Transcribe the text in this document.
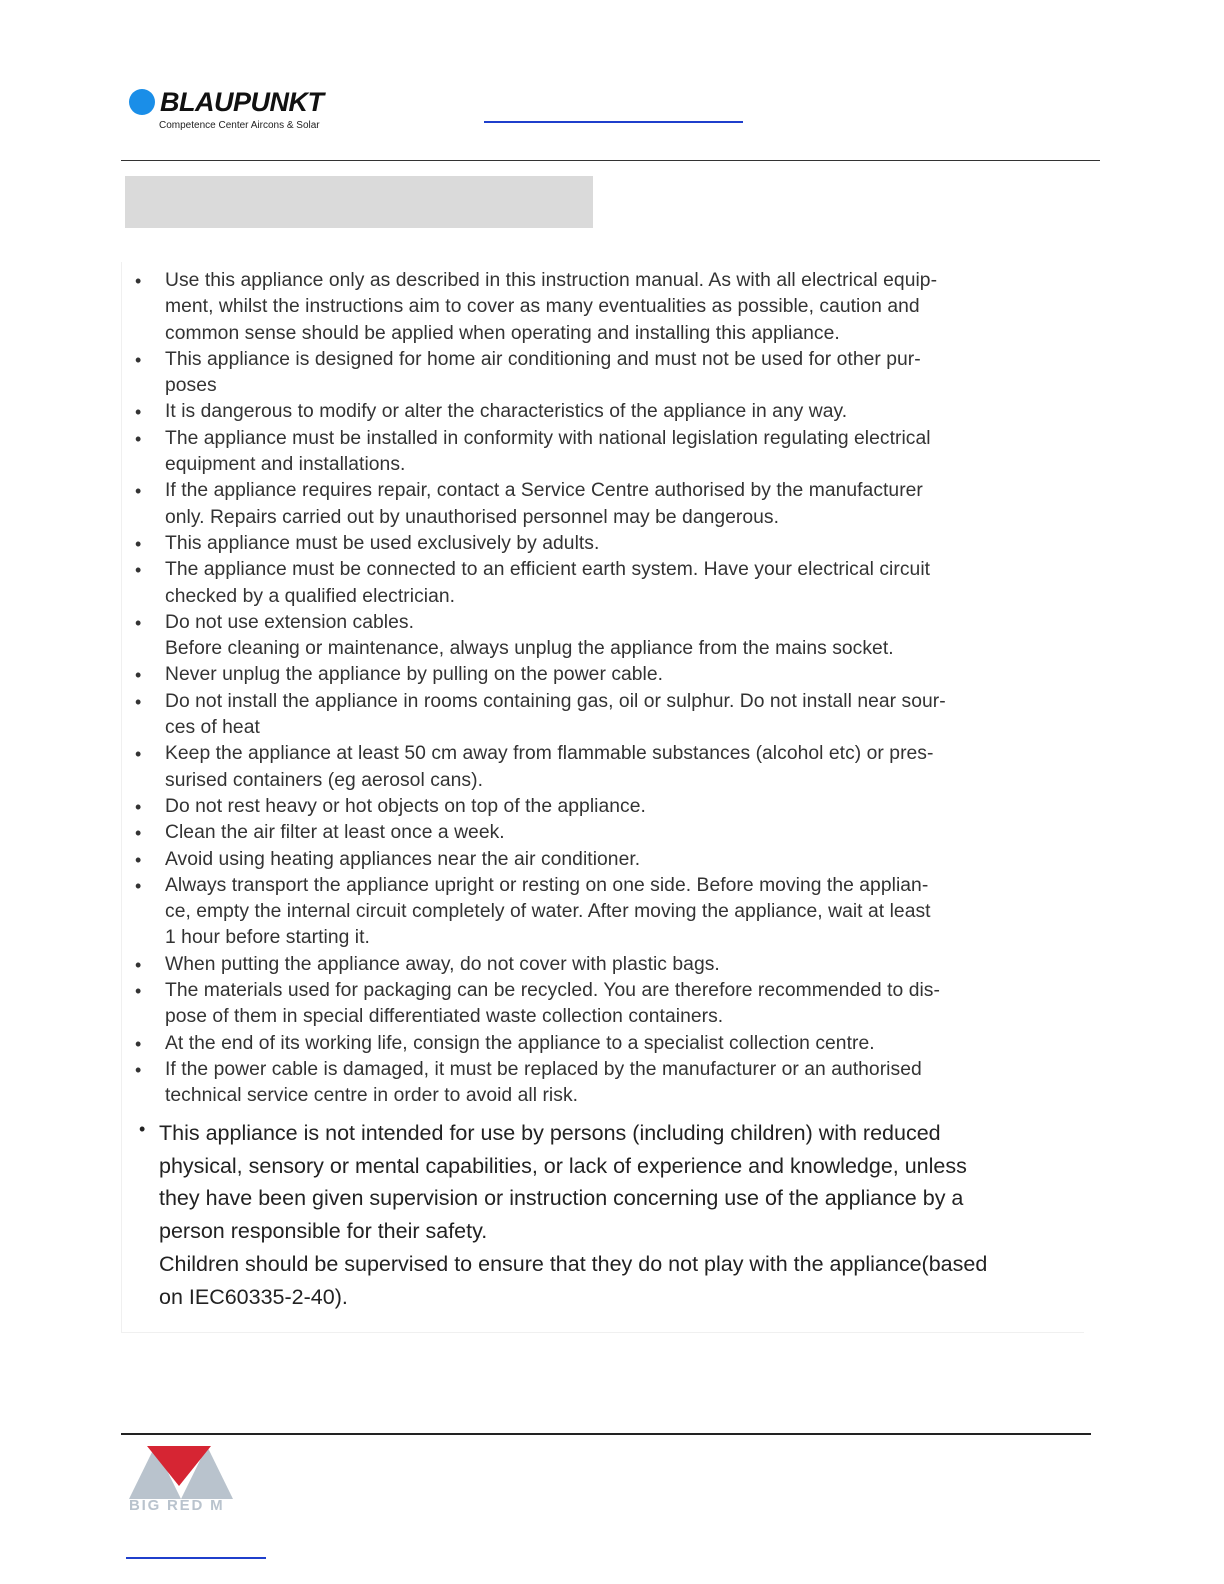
BLAUPUNKT
Competence Center Aircons & Solar
• Use this appliance only as described in this instruction manual. As with all electrical equip-
ment, whilst the instructions aim to cover as many eventualities as possible, caution and
common sense should be applied when operating and installing this appliance.
• This appliance is designed for home air conditioning and must not be used for other pur-
poses
• It is dangerous to modify or alter the characteristics of the appliance in any way.
• The appliance must be installed in conformity with national legislation regulating electrical
equipment and installations.
• If the appliance requires repair, contact a Service Centre authorised by the manufacturer
only. Repairs carried out by unauthorised personnel may be dangerous.
• This appliance must be used exclusively by adults.
• The appliance must be connected to an efficient earth system. Have your electrical circuit
checked by a qualified electrician.
• Do not use extension cables.
Before cleaning or maintenance, always unplug the appliance from the mains socket.
• Never unplug the appliance by pulling on the power cable.
• Do not install the appliance in rooms containing gas, oil or sulphur. Do not install near sour-
ces of heat
• Keep the appliance at least 50 cm away from flammable substances (alcohol etc) or pres-
surised containers (eg aerosol cans).
• Do not rest heavy or hot objects on top of the appliance.
• Clean the air filter at least once a week.
• Avoid using heating appliances near the air conditioner.
• Always transport the appliance upright or resting on one side. Before moving the applian-
ce, empty the internal circuit completely of water. After moving the appliance, wait at least
1 hour before starting it.
• When putting the appliance away, do not cover with plastic bags.
• The materials used for packaging can be recycled. You are therefore recommended to dis-
pose of them in special differentiated waste collection containers.
• At the end of its working life, consign the appliance to a specialist collection centre.
• If the power cable is damaged, it must be replaced by the manufacturer or an authorised
technical service centre in order to avoid all risk.
• This appliance is not intended for use by persons (including children) with reduced
physical, sensory or mental capabilities, or lack of experience and knowledge, unless
they have been given supervision or instruction concerning use of the appliance by a
person responsible for their safety.
Children should be supervised to ensure that they do not play with the appliance(based
on IEC60335-2-40).
BIG RED M
